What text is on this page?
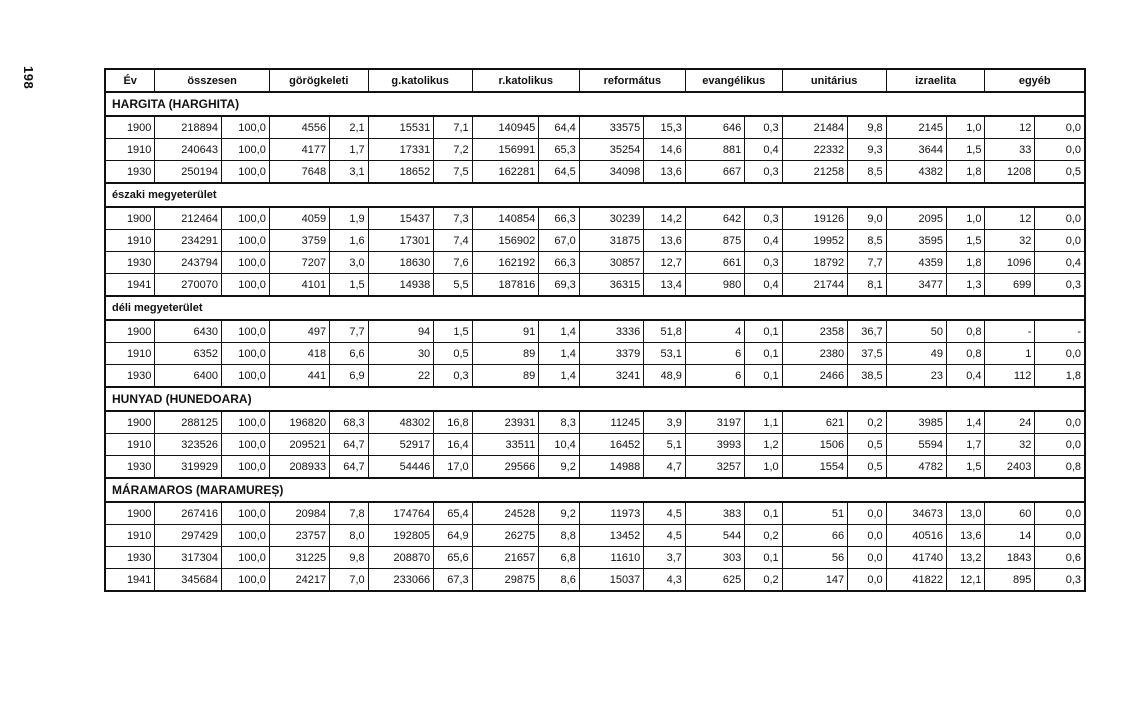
198	Év	összesen		görögkeleti		g.katolikus		r.katolikus		református		evangélikus		unitárius		izraelita		egyéb	
HARGITA (HARGHITA)																		
1900	218894	100,0	4556	2,1	15531	7,1	140945	64,4	33575	15,3	646	0,3	21484	9,8	2145	1,0	12	0,0
1910	240643	100,0	4177	1,7	17331	7,2	156991	65,3	35254	14,6	881	0,4	22332	9,3	3644	1,5	33	0,0
1930	250194	100,0	7648	3,1	18652	7,5	162281	64,5	34098	13,6	667	0,3	21258	8,5	4382	1,8	1208	0,5
északi megyeterület																		
1900	212464	100,0	4059	1,9	15437	7,3	140854	66,3	30239	14,2	642	0,3	19126	9,0	2095	1,0	12	0,0
1910	234291	100,0	3759	1,6	17301	7,4	156902	67,0	31875	13,6	875	0,4	19952	8,5	3595	1,5	32	0,0
1930	243794	100,0	7207	3,0	18630	7,6	162192	66,3	30857	12,7	661	0,3	18792	7,7	4359	1,8	1096	0,4
1941	270070	100,0	4101	1,5	14938	5,5	187816	69,3	36315	13,4	980	0,4	21744	8,1	3477	1,3	699	0,3
déli megyeterület																		
1900	6430	100,0	497	7,7	94	1,5	91	1,4	3336	51,8	4	0,1	2358	36,7	50	0,8	-	-
1910	6352	100,0	418	6,6	30	0,5	89	1,4	3379	53,1	6	0,1	2380	37,5	49	0,8	1	0,0
1930	6400	100,0	441	6,9	22	0,3	89	1,4	3241	48,9	6	0,1	2466	38,5	23	0,4	112	1,8
HUNYAD (HUNEDOARA)																		
1900	288125	100,0	196820	68,3	48302	16,8	23931	8,3	11245	3,9	3197	1,1	621	0,2	3985	1,4	24	0,0
1910	323526	100,0	209521	64,7	52917	16,4	33511	10,4	16452	5,1	3993	1,2	1506	0,5	5594	1,7	32	0,0
1930	319929	100,0	208933	64,7	54446	17,0	29566	9,2	14988	4,7	3257	1,0	1554	0,5	4782	1,5	2403	0,8
MÁRAMAROS (MARAMUREȘ)																		
1900	267416	100,0	20984	7,8	174764	65,4	24528	9,2	11973	4,5	383	0,1	51	0,0	34673	13,0	60	0,0
1910	297429	100,0	23757	8,0	192805	64,9	26275	8,8	13452	4,5	544	0,2	66	0,0	40516	13,6	14	0,0
1930	317304	100,0	31225	9,8	208870	65,6	21657	6,8	11610	3,7	303	0,1	56	0,0	41740	13,2	1843	0,6
1941	345684	100,0	24217	7,0	233066	67,3	29875	8,6	15037	4,3	625	0,2	147	0,0	41822	12,1	895	0,3
